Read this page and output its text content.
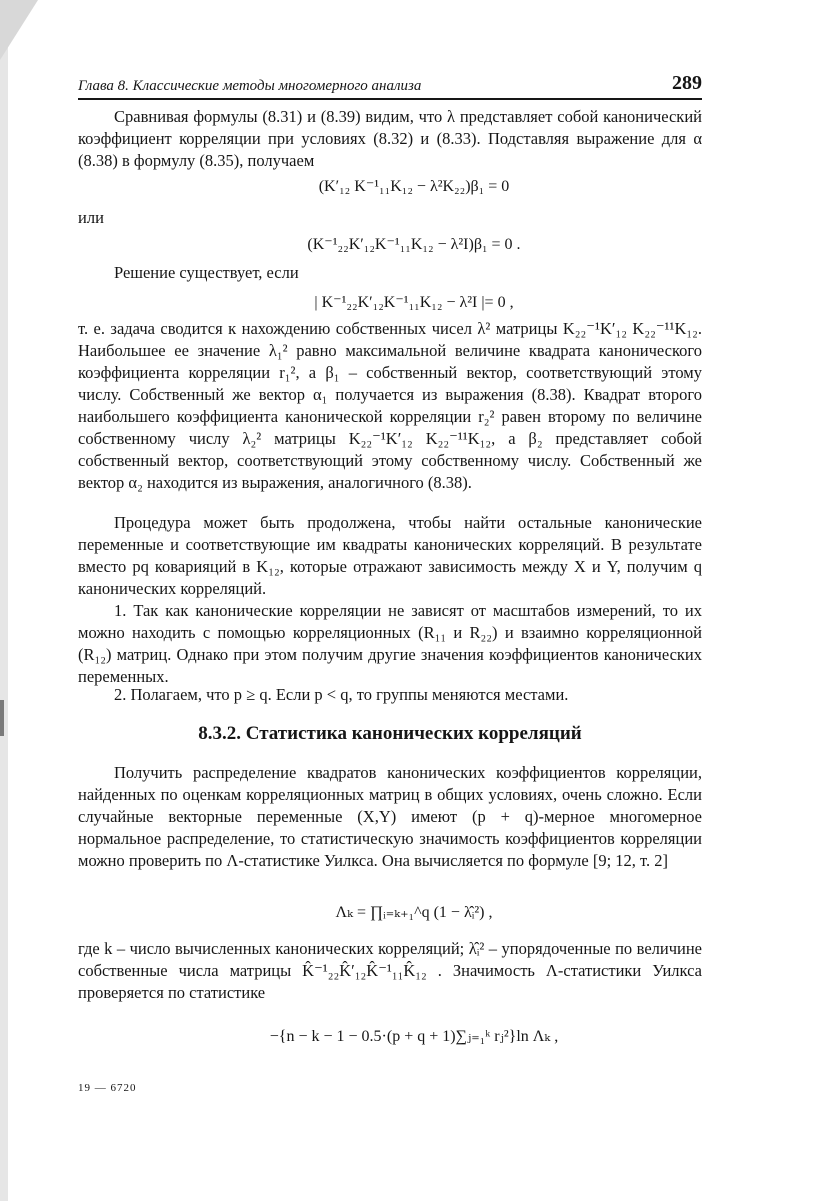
Глава 8. Классические методы многомерного анализа	289

Сравнивая формулы (8.31) и (8.39) видим, что λ представляет собой канонический коэффициент корреляции при условиях (8.32) и (8.33). Подставляя выражение для α (8.38) в формулу (8.35), получаем

(K′₁₂ K⁻¹₁₁K₁₂ − λ²K₂₂)β₁ = 0
или
(K⁻¹₂₂K′₁₂K⁻¹₁₁K₁₂ − λ²I)β₁ = 0 .

Решение существует, если

| K⁻¹₂₂K′₁₂K⁻¹₁₁K₁₂ − λ²I |= 0 ,

т. е. задача сводится к нахождению собственных чисел λ² матрицы K₂₂⁻¹K′₁₂ K₂₂⁻¹¹K₁₂. Наибольшее ее значение λ₁² равно максимальной величине квадрата канонического коэффициента корреляции r₁², а β₁ – собственный вектор, соответствующий этому числу. Собственный же вектор α₁ получается из выражения (8.38). Квадрат второго наибольшего коэффициента канонической корреляции r₂² равен второму по величине собственному числу λ₂² матрицы K₂₂⁻¹K′₁₂ K₂₂⁻¹¹K₁₂, а β₂ представляет собой собственный вектор, соответствующий этому собственному числу. Собственный же вектор α₂ находится из выражения, аналогичного (8.38).

Процедура может быть продолжена, чтобы найти остальные канонические переменные и соответствующие им квадраты канонических корреляций. В результате вместо pq коварияций в K₁₂, которые отражают зависимость между X и Y, получим q канонических корреляций.

1. Так как канонические корреляции не зависят от масштабов измерений, то их можно находить с помощью корреляционных (R₁₁ и R₂₂) и взаимно корреляционной (R₁₂) матриц. Однако при этом получим другие значения коэффициентов канонических переменных.

2. Полагаем, что p ≥ q. Если p < q, то группы меняются местами.

8.3.2. Статистика канонических корреляций

Получить распределение квадратов канонических коэффициентов корреляции, найденных по оценкам корреляционных матриц в общих условиях, очень сложно. Если случайные векторные переменные (X,Y) имеют (p + q)-мерное многомерное нормальное распределение, то статистическую значимость коэффициентов корреляции можно проверить по Λ-статистике Уилкса. Она вычисляется по формуле [9; 12, т. 2]

Λₖ = ∏ᵢ₌ₖ₊₁^q (1 − λ̂ᵢ²) ,

где k – число вычисленных канонических корреляций; λ̂ᵢ² – упорядоченные по величине собственные числа матрицы K̂⁻¹₂₂K̂′₁₂K̂⁻¹₁₁K̂₁₂ . Значимость Λ-статистики Уилкса проверяется по статистике

−{n − k − 1 − 0.5·(p + q + 1)∑ⱼ₌₁ᵏ rⱼ²}ln Λₖ ,
19 — 6720
